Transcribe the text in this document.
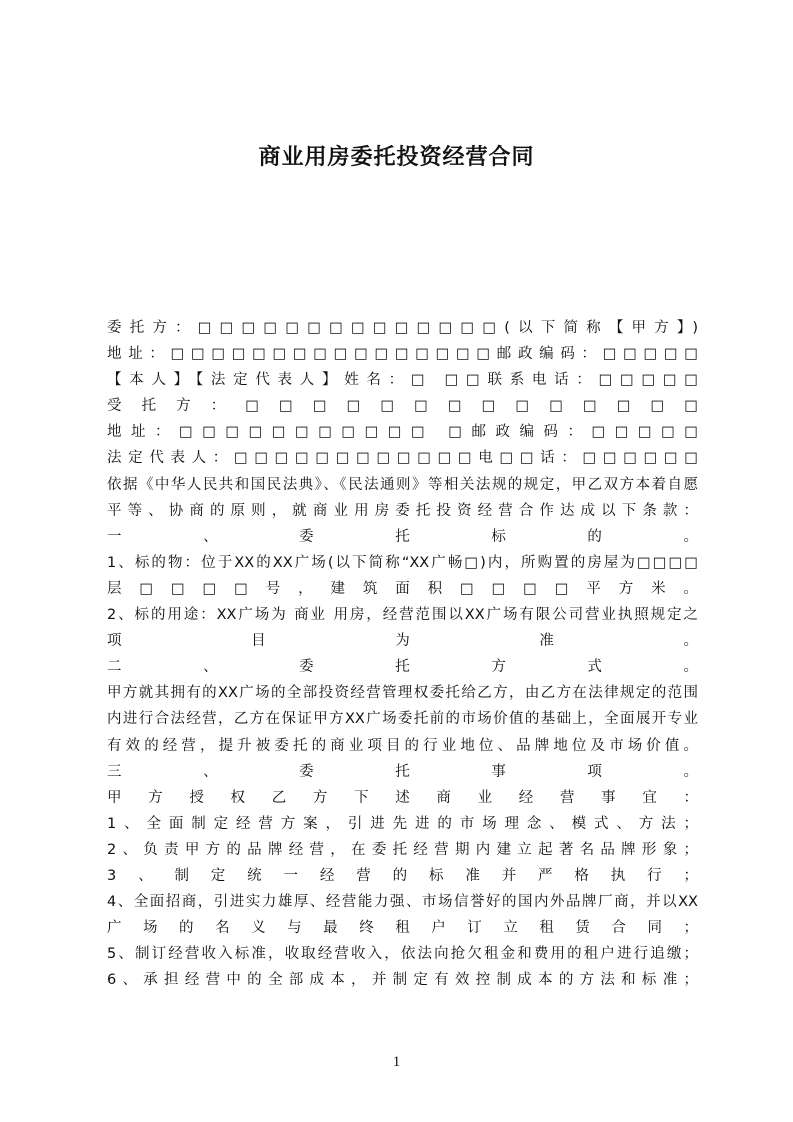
商业用房委托投资经营合同
委托方：□□□□□□□□□□□□□□(以下简称【甲方】)
地址：□□□□□□□□□□□□□□□□邮政编码：□□□□□
【本人】【法定代表人】姓名：□ □□联系电话：□□□□□
受托方：□□□□□□□□□□□□□□
地址：□□□□□□□□□□□ □邮政编码：□□□□□
法定代表人：□□□□□□□□□□□□电□□话：□□□□□□
依据《中华人民共和国民法典》、《民法通则》等相关法规的规定，甲乙双方本着自愿
平等、协商的原则，就商业用房委托投资经营合作达成以下条款：
一、委托标的。
1、标的物：位于XX的XX广场(以下简称“XX广畅□)内，所购置的房屋为□□□□
层□□□□号，建筑面积□□□□平方米。
2、标的用途：XX广场为 商业 用房，经营范围以XX广场有限公司营业执照规定之
项目为准。
二、委托方式。
甲方就其拥有的XX广场的全部投资经营管理权委托给乙方，由乙方在法律规定的范围
内进行合法经营，乙方在保证甲方XX广场委托前的市场价值的基础上，全面展开专业
有效的经营，提升被委托的商业项目的行业地位、品牌地位及市场价值。
三、委托事项。
甲方授权乙方下述商业经营事宜：
1、全面制定经营方案，引进先进的市场理念、模式、方法；
2、负责甲方的品牌经营，在委托经营期内建立起著名品牌形象；
3、制定统一经营的标准并严格执行；
4、全面招商，引进实力雄厚、经营能力强、市场信誉好的国内外品牌厂商，并以XX
广场的名义与最终租户订立租赁合同；
5、制订经营收入标准，收取经营收入，依法向抢欠租金和费用的租户进行追缴；
6、承担经营中的全部成本，并制定有效控制成本的方法和标准；
1
